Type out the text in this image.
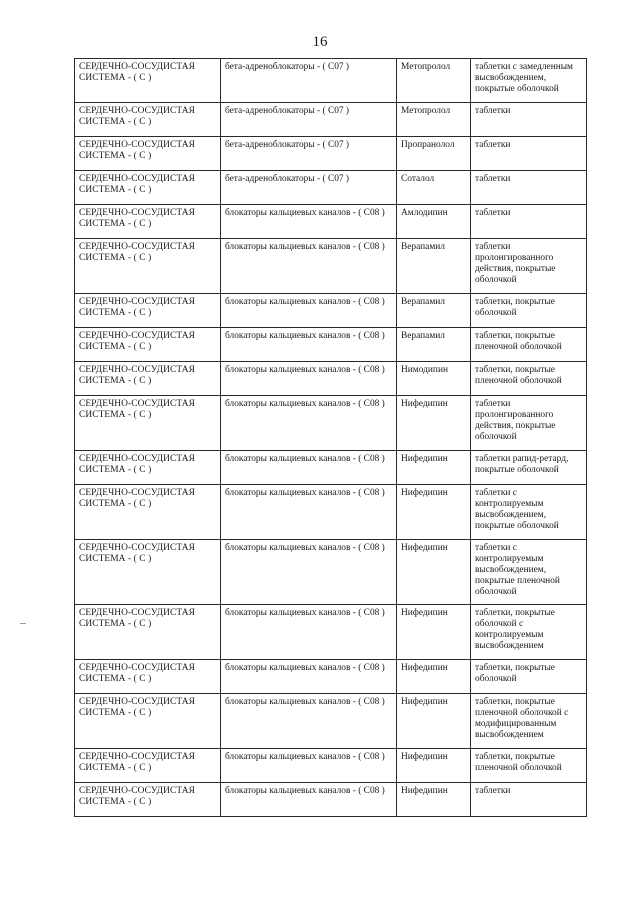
16
СЕРДЕЧНО-СОСУДИСТАЯ СИСТЕМА - ( С )	бета-адреноблокаторы - ( С07 )	Метопролол	таблетки с замедленным высвобождением, покрытые оболочкой
СЕРДЕЧНО-СОСУДИСТАЯ СИСТЕМА - ( С )	бета-адреноблокаторы - ( С07 )	Метопролол	таблетки
СЕРДЕЧНО-СОСУДИСТАЯ СИСТЕМА - ( С )	бета-адреноблокаторы - ( С07 )	Пропранолол	таблетки
СЕРДЕЧНО-СОСУДИСТАЯ СИСТЕМА - ( С )	бета-адреноблокаторы - ( С07 )	Соталол	таблетки
СЕРДЕЧНО-СОСУДИСТАЯ СИСТЕМА - ( С )	блокаторы кальциевых каналов - ( С08 )	Амлодипин	таблетки
СЕРДЕЧНО-СОСУДИСТАЯ СИСТЕМА - ( С )	блокаторы кальциевых каналов - ( С08 )	Верапамил	таблетки пролонгированного действия, покрытые оболочкой
СЕРДЕЧНО-СОСУДИСТАЯ СИСТЕМА - ( С )	блокаторы кальциевых каналов - ( С08 )	Верапамил	таблетки, покрытые оболочкой
СЕРДЕЧНО-СОСУДИСТАЯ СИСТЕМА - ( С )	блокаторы кальциевых каналов - ( С08 )	Верапамил	таблетки, покрытые пленочной оболочкой
СЕРДЕЧНО-СОСУДИСТАЯ СИСТЕМА - ( С )	блокаторы кальциевых каналов - ( С08 )	Нимодипин	таблетки, покрытые пленочной оболочкой
СЕРДЕЧНО-СОСУДИСТАЯ СИСТЕМА - ( С )	блокаторы кальциевых каналов - ( С08 )	Нифедипин	таблетки пролонгированного действия, покрытые оболочкой
СЕРДЕЧНО-СОСУДИСТАЯ СИСТЕМА - ( С )	блокаторы кальциевых каналов - ( С08 )	Нифедипин	таблетки рапид-ретард, покрытые оболочкой
СЕРДЕЧНО-СОСУДИСТАЯ СИСТЕМА - ( С )	блокаторы кальциевых каналов - ( С08 )	Нифедипин	таблетки с контролируемым высвобождением, покрытые оболочкой
СЕРДЕЧНО-СОСУДИСТАЯ СИСТЕМА - ( С )	блокаторы кальциевых каналов - ( С08 )	Нифедипин	таблетки с контролируемым высвобождением, покрытые пленочной оболочкой
СЕРДЕЧНО-СОСУДИСТАЯ СИСТЕМА - ( С )	блокаторы кальциевых каналов - ( С08 )	Нифедипин	таблетки, покрытые оболочкой с контролируемым высвобождением
СЕРДЕЧНО-СОСУДИСТАЯ СИСТЕМА - ( С )	блокаторы кальциевых каналов - ( С08 )	Нифедипин	таблетки, покрытые оболочкой
СЕРДЕЧНО-СОСУДИСТАЯ СИСТЕМА - ( С )	блокаторы кальциевых каналов - ( С08 )	Нифедипин	таблетки, покрытые пленочной оболочкой с модифицированным высвобождением
СЕРДЕЧНО-СОСУДИСТАЯ СИСТЕМА - ( С )	блокаторы кальциевых каналов - ( С08 )	Нифедипин	таблетки, покрытые пленочной оболочкой
СЕРДЕЧНО-СОСУДИСТАЯ СИСТЕМА - ( С )	блокаторы кальциевых каналов - ( С08 )	Нифедипин	таблетки
